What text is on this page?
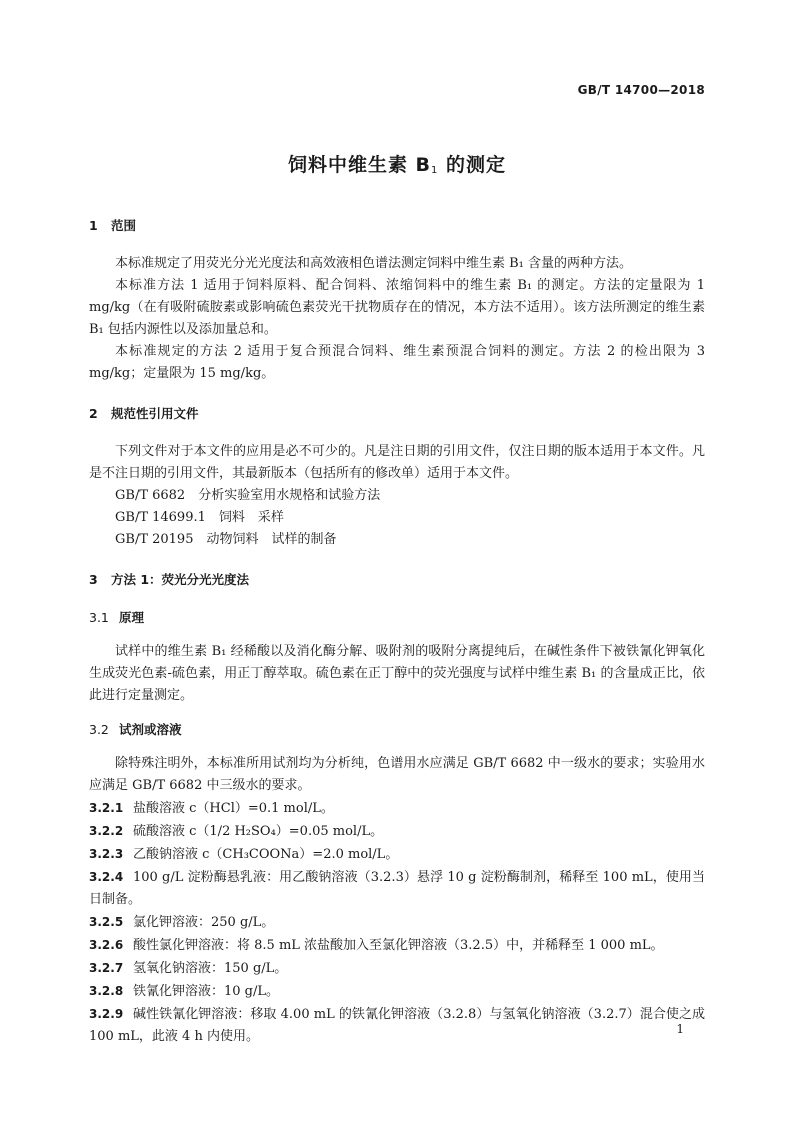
GB/T 14700—2018
饲料中维生素 $B_1$ 的测定
1 范围

本标准规定了用荧光分光光度法和高效液相色谱法测定饲料中维生素 B₁ 含量的两种方法。

本标准方法 1 适用于饲料原料、配合饲料、浓缩饲料中的维生素 B₁ 的测定。方法的定量限为 1 mg/kg（在有吸附硫胺素或影响硫色素荧光干扰物质存在的情况，本方法不适用）。该方法所测定的维生素 B₁ 包括内源性以及添加量总和。

本标准规定的方法 2 适用于复合预混合饲料、维生素预混合饲料的测定。方法 2 的检出限为 3 mg/kg；定量限为 15 mg/kg。

2 规范性引用文件

下列文件对于本文件的应用是必不可少的。凡是注日期的引用文件，仅注日期的版本适用于本文件。凡是不注日期的引用文件，其最新版本（包括所有的修改单）适用于本文件。

GB/T 6682　分析实验室用水规格和试验方法

GB/T 14699.1　饲料　采样

GB/T 20195　动物饲料　试样的制备

3 方法 1：荧光分光光度法
3.1 原理

试样中的维生素 B₁ 经稀酸以及消化酶分解、吸附剂的吸附分离提纯后，在碱性条件下被铁氰化钾氧化生成荧光色素-硫色素，用正丁醇萃取。硫色素在正丁醇中的荧光强度与试样中维生素 B₁ 的含量成正比，依此进行定量测定。

3.2 试剂或溶液

除特殊注明外，本标准所用试剂均为分析纯，色谱用水应满足 GB/T 6682 中一级水的要求；实验用水应满足 GB/T 6682 中三级水的要求。

3.2.1 盐酸溶液 c（HCl）=0.1 mol/L。

3.2.2 硫酸溶液 c（1/2 H₂SO₄）=0.05 mol/L。

3.2.3 乙酸钠溶液 c（CH₃COONa）=2.0 mol/L。

3.2.4 100 g/L 淀粉酶悬乳液：用乙酸钠溶液（3.2.3）悬浮 10 g 淀粉酶制剂，稀释至 100 mL，使用当日制备。

3.2.5 氯化钾溶液：250 g/L。

3.2.6 酸性氯化钾溶液：将 8.5 mL 浓盐酸加入至氯化钾溶液（3.2.5）中，并稀释至 1 000 mL。

3.2.7 氢氧化钠溶液：150 g/L。

3.2.8 铁氰化钾溶液：10 g/L。

3.2.9 碱性铁氰化钾溶液：移取 4.00 mL 的铁氰化钾溶液（3.2.8）与氢氧化钠溶液（3.2.7）混合使之成 100 mL，此液 4 h 内使用。	1
